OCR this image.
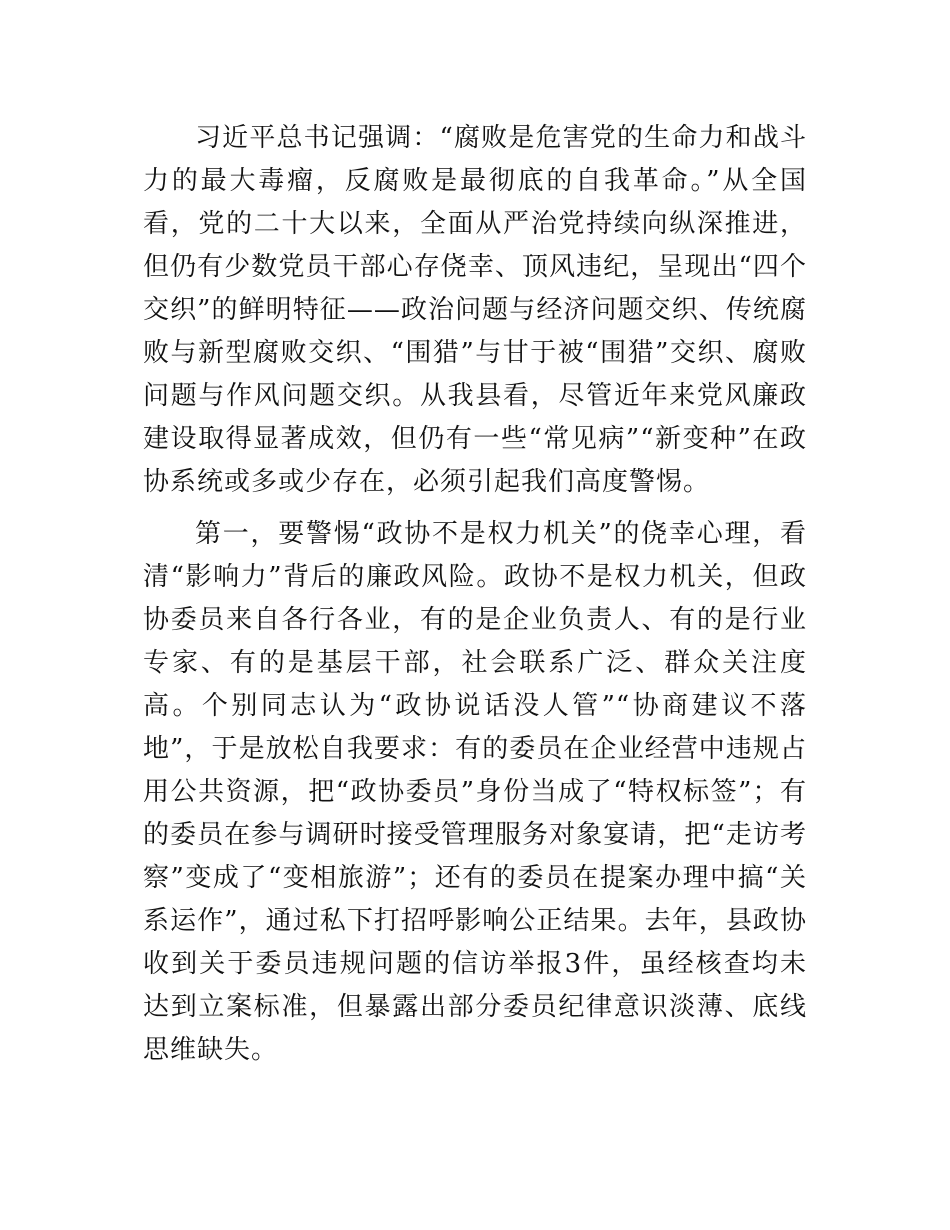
习近平总书记强调：“腐败是危害党的生命力和战斗力的最大毒瘤，反腐败是最彻底的自我革命。”从全国看，党的二十大以来，全面从严治党持续向纵深推进，但仍有少数党员干部心存侥幸、顶风违纪，呈现出“四个交织”的鲜明特征——政治问题与经济问题交织、传统腐败与新型腐败交织、“围猎”与甘于被“围猎”交织、腐败问题与作风问题交织。从我县看，尽管近年来党风廉政建设取得显著成效，但仍有一些“常见病”“新变种”在政协系统或多或少存在，必须引起我们高度警惕。

第一，要警惕“政协不是权力机关”的侥幸心理，看清“影响力”背后的廉政风险。政协不是权力机关，但政协委员来自各行各业，有的是企业负责人、有的是行业专家、有的是基层干部，社会联系广泛、群众关注度高。个别同志认为“政协说话没人管”“协商建议不落地”，于是放松自我要求：有的委员在企业经营中违规占用公共资源，把“政协委员”身份当成了“特权标签”；有的委员在参与调研时接受管理服务对象宴请，把“走访考察”变成了“变相旅游”；还有的委员在提案办理中搞“关系运作”，通过私下打招呼影响公正结果。去年，县政协收到关于委员违规问题的信访举报3件，虽经核查均未达到立案标准，但暴露出部分委员纪律意识淡薄、底线思维缺失。
